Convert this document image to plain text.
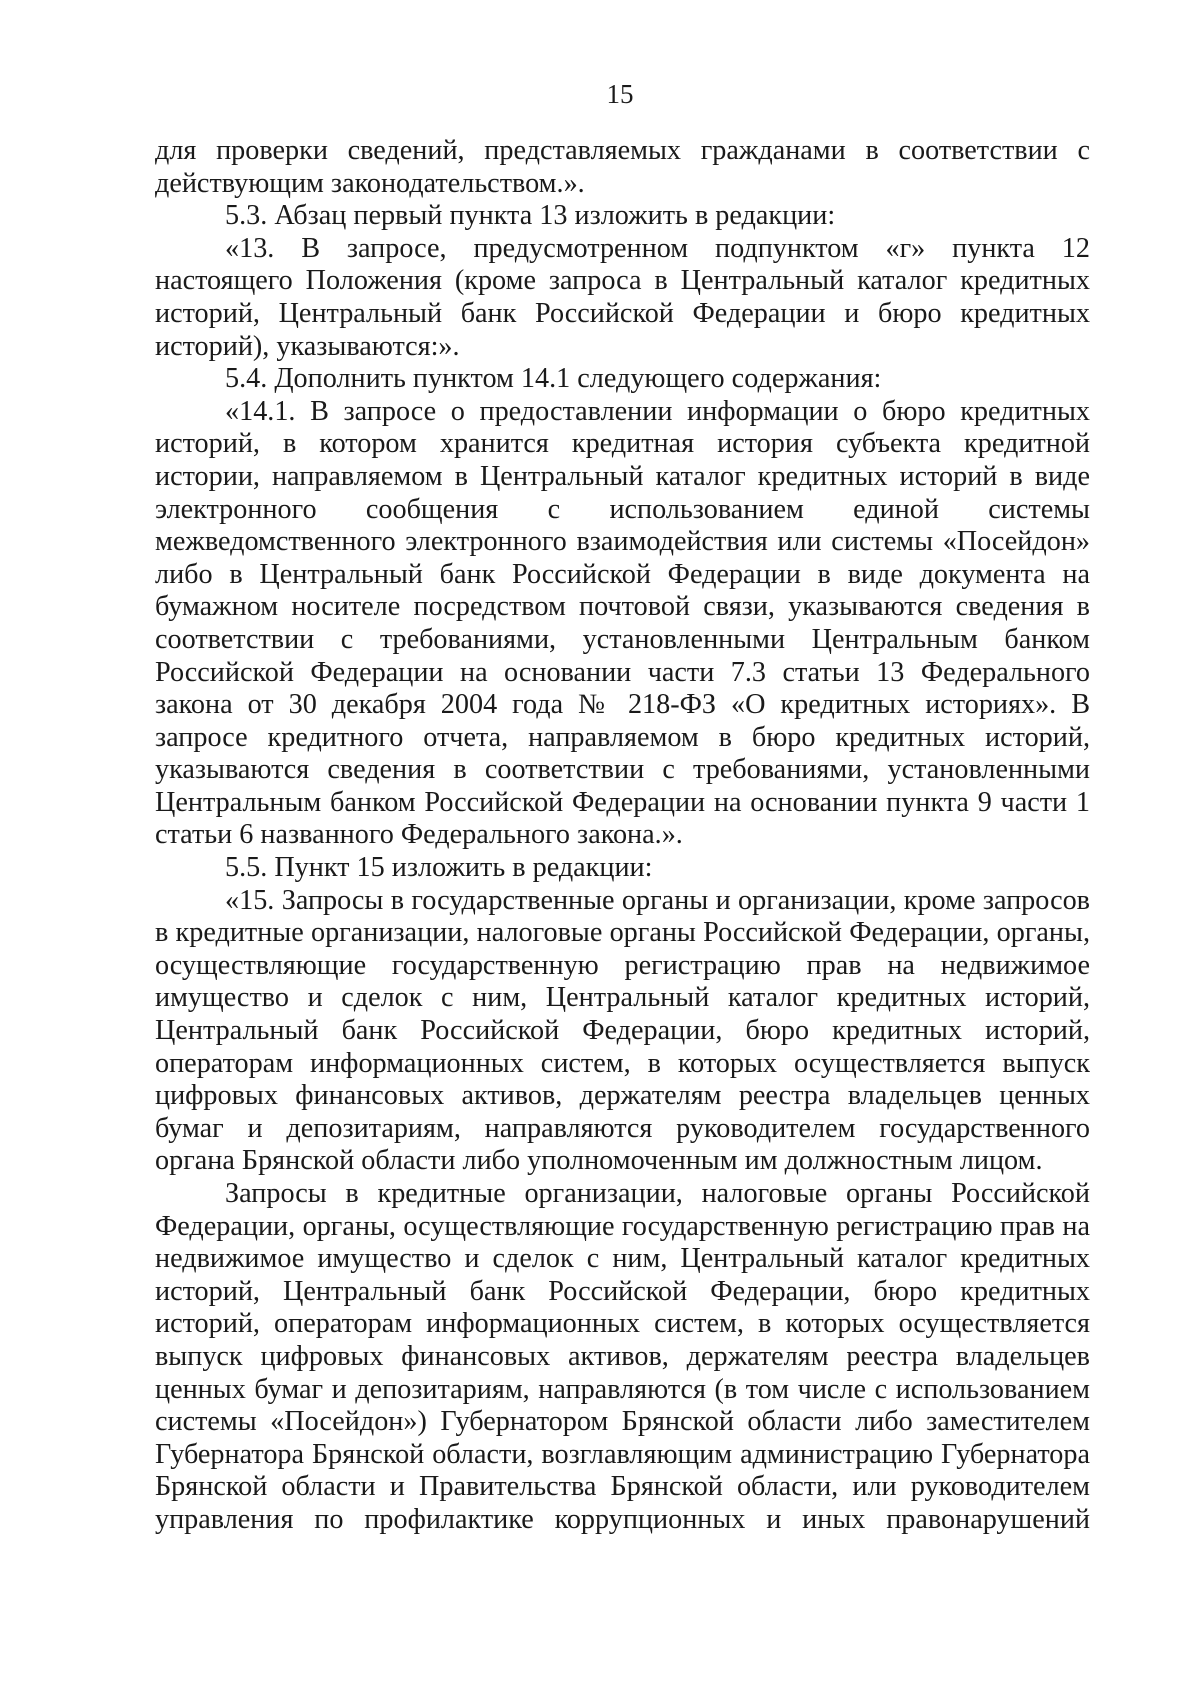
15

для проверки сведений, представляемых гражданами в соответствии с действующим законодательством.».

5.3. Абзац первый пункта 13 изложить в редакции:

«13. В запросе, предусмотренном подпунктом «г» пункта 12 настоящего Положения (кроме запроса в Центральный каталог кредитных историй, Центральный банк Российской Федерации и бюро кредитных историй), указываются:».

5.4. Дополнить пунктом 14.1 следующего содержания:

«14.1. В запросе о предоставлении информации о бюро кредитных историй, в котором хранится кредитная история субъекта кредитной истории, направляемом в Центральный каталог кредитных историй в виде электронного сообщения с использованием единой системы межведомственного электронного взаимодействия или системы «Посейдон» либо в Центральный банк Российской Федерации в виде документа на бумажном носителе посредством почтовой связи, указываются сведения в соответствии с требованиями, установленными Центральным банком Российской Федерации на основании части 7.3 статьи 13 Федерального закона от 30 декабря 2004 года № 218-ФЗ «О кредитных историях». В запросе кредитного отчета, направляемом в бюро кредитных историй, указываются сведения в соответствии с требованиями, установленными Центральным банком Российской Федерации на основании пункта 9 части 1 статьи 6 названного Федерального закона.».

5.5. Пункт 15 изложить в редакции:

«15. Запросы в государственные органы и организации, кроме запросов в кредитные организации, налоговые органы Российской Федерации, органы, осуществляющие государственную регистрацию прав на недвижимое имущество и сделок с ним, Центральный каталог кредитных историй, Центральный банк Российской Федерации, бюро кредитных историй, операторам информационных систем, в которых осуществляется выпуск цифровых финансовых активов, держателям реестра владельцев ценных бумаг и депозитариям, направляются руководителем государственного органа Брянской области либо уполномоченным им должностным лицом.

Запросы в кредитные организации, налоговые органы Российской Федерации, органы, осуществляющие государственную регистрацию прав на недвижимое имущество и сделок с ним, Центральный каталог кредитных историй, Центральный банк Российской Федерации, бюро кредитных историй, операторам информационных систем, в которых осуществляется выпуск цифровых финансовых активов, держателям реестра владельцев ценных бумаг и депозитариям, направляются (в том числе с использованием системы «Посейдон») Губернатором Брянской области либо заместителем Губернатора Брянской области, возглавляющим администрацию Губернатора Брянской области и Правительства Брянской области, или руководителем управления по профилактике коррупционных и иных правонарушений
